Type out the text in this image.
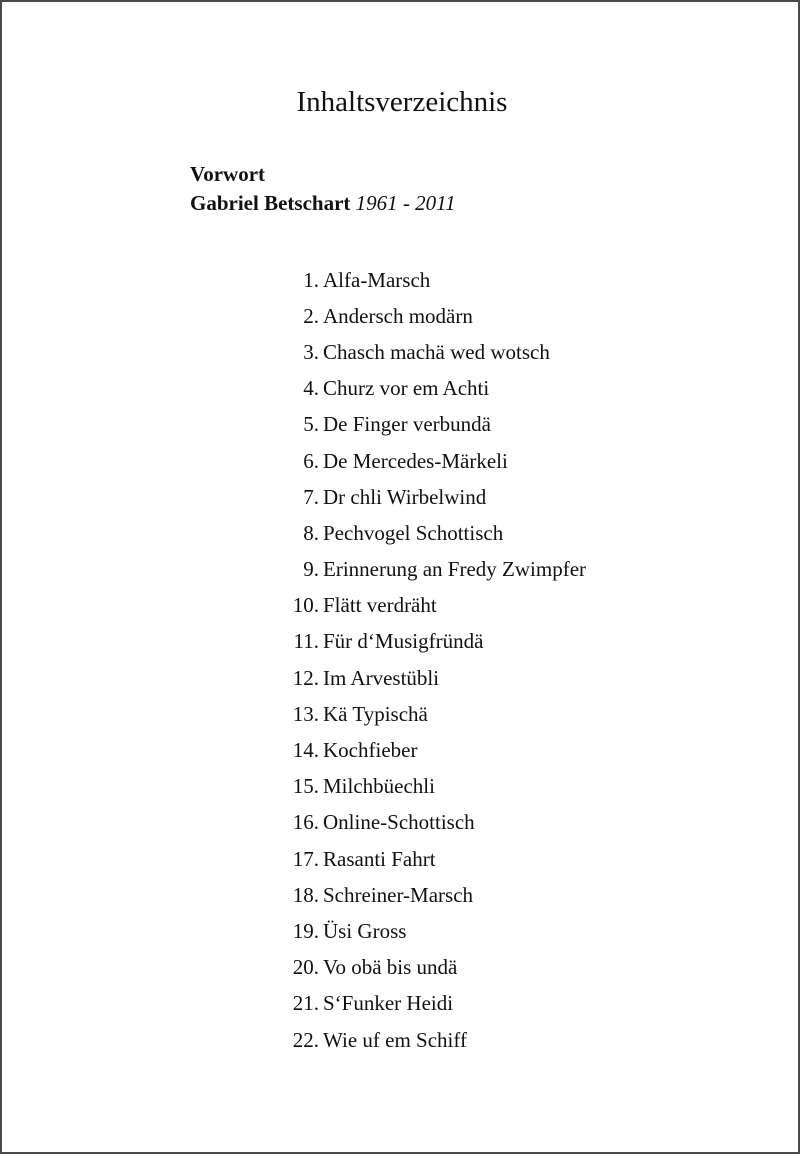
Inhaltsverzeichnis
Vorwort
Gabriel Betschart 1961 - 2011
1. Alfa-Marsch
2. Andersch modärn
3. Chasch machä wed wotsch
4. Churz vor em Achti
5. De Finger verbundä
6. De Mercedes-Märkeli
7. Dr chli Wirbelwind
8. Pechvogel Schottisch
9. Erinnerung an Fredy Zwimpfer
10. Flätt verdräht
11. Für d‘Musigfründä
12. Im Arvestübli
13. Kä Typischä
14. Kochfieber
15. Milchbüechli
16. Online-Schottisch
17. Rasanti Fahrt
18. Schreiner-Marsch
19. Üsi Gross
20. Vo obä bis undä
21. S‘Funker Heidi
22. Wie uf em Schiff
